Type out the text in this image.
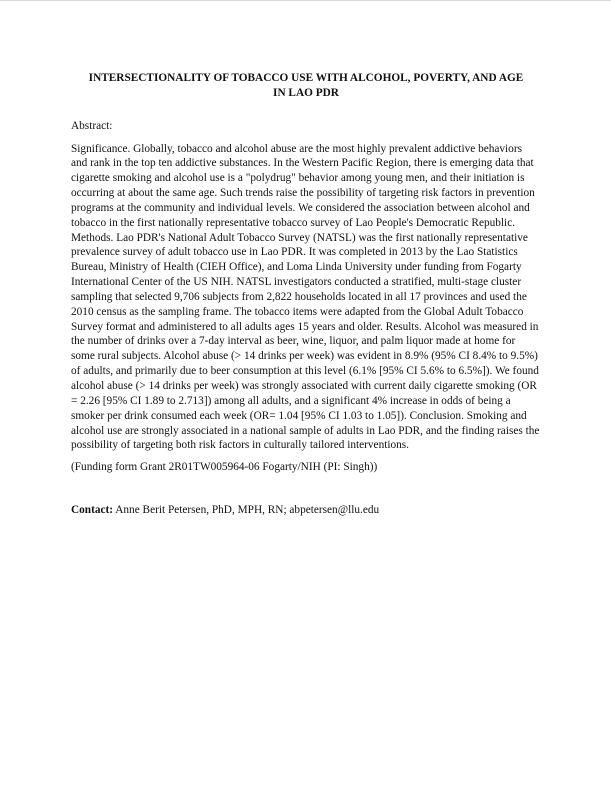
INTERSECTIONALITY OF TOBACCO USE WITH ALCOHOL, POVERTY, AND AGE
IN LAO PDR

Abstract:

Significance. Globally, tobacco and alcohol abuse are the most highly prevalent addictive behaviors and rank in the top ten addictive substances. In the Western Pacific Region, there is emerging data that cigarette smoking and alcohol use is a "polydrug" behavior among young men, and their initiation is occurring at about the same age. Such trends raise the possibility of targeting risk factors in prevention programs at the community and individual levels. We considered the association between alcohol and tobacco in the first nationally representative tobacco survey of Lao People's Democratic Republic. Methods. Lao PDR's National Adult Tobacco Survey (NATSL) was the first nationally representative prevalence survey of adult tobacco use in Lao PDR. It was completed in 2013 by the Lao Statistics Bureau, Ministry of Health (CIEH Office), and Loma Linda University under funding from Fogarty International Center of the US NIH. NATSL investigators conducted a stratified, multi-stage cluster sampling that selected 9,706 subjects from 2,822 households located in all 17 provinces and used the 2010 census as the sampling frame. The tobacco items were adapted from the Global Adult Tobacco Survey format and administered to all adults ages 15 years and older. Results. Alcohol was measured in the number of drinks over a 7-day interval as beer, wine, liquor, and palm liquor made at home for some rural subjects. Alcohol abuse (> 14 drinks per week) was evident in 8.9% (95% CI 8.4% to 9.5%) of adults, and primarily due to beer consumption at this level (6.1% [95% CI 5.6% to 6.5%]). We found alcohol abuse (> 14 drinks per week) was strongly associated with current daily cigarette smoking (OR = 2.26 [95% CI 1.89 to 2.713]) among all adults, and a significant 4% increase in odds of being a smoker per drink consumed each week (OR= 1.04 [95% CI 1.03 to 1.05]). Conclusion. Smoking and alcohol use are strongly associated in a national sample of adults in Lao PDR, and the finding raises the possibility of targeting both risk factors in culturally tailored interventions.

(Funding form Grant 2R01TW005964-06 Fogarty/NIH (PI: Singh))

Contact: Anne Berit Petersen, PhD, MPH, RN; abpetersen@llu.edu
